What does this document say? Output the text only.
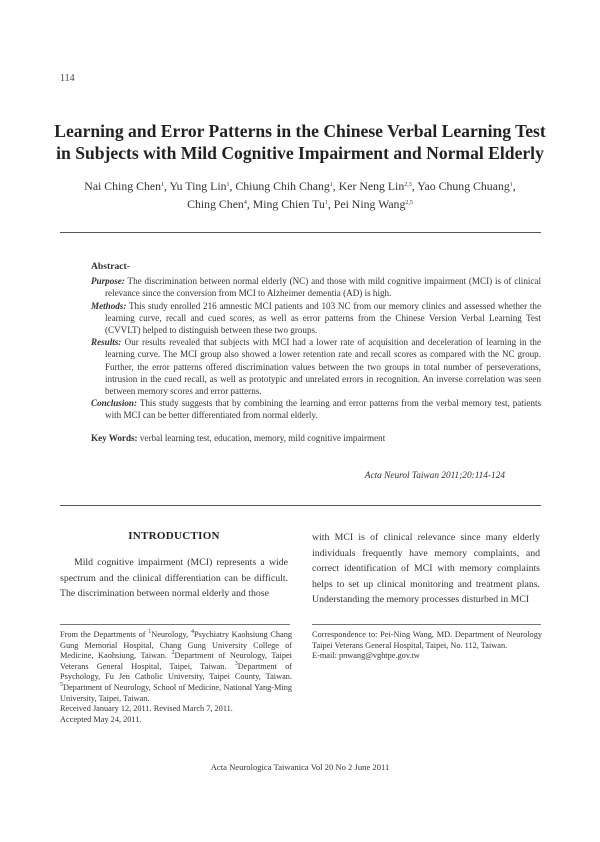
114
Learning and Error Patterns in the Chinese Verbal Learning Test
in Subjects with Mild Cognitive Impairment and Normal Elderly
Nai Ching Chen$^1$, Yu Ting Lin$^1$, Chiung Chih Chang$^1$, Ker Neng Lin$^{2,3}$, Yao Chung Chuang$^1$,
Ching Chen$^4$, Ming Chien Tu$^1$, Pei Ning Wang$^{2,5}$
Abstract-
Purpose: The discrimination between normal elderly (NC) and those with mild cognitive impairment (MCI) is of clinical relevance since the conversion from MCI to Alzheimer dementia (AD) is high.
Methods: This study enrolled 216 amnestic MCI patients and 103 NC from our memory clinics and assessed whether the learning curve, recall and cued scores, as well as error patterns from the Chinese Version Verbal Learning Test (CVVLT) helped to distinguish between these two groups.
Results: Our results revealed that subjects with MCI had a lower rate of acquisition and deceleration of learning in the learning curve. The MCI group also showed a lower retention rate and recall scores as compared with the NC group. Further, the error patterns offered discrimination values between the two groups in total number of perseverations, intrusion in the cued recall, as well as prototypic and unrelated errors in recognition. An inverse correlation was seen between memory scores and error patterns.
Conclusion: This study suggests that by combining the learning and error patterns from the verbal memory test, patients with MCI can be better differentiated from normal elderly.
Key Words: verbal learning test, education, memory, mild cognitive impairment
Acta Neurol Taiwan 2011;20:114-124
INTRODUCTION
Mild cognitive impairment (MCI) represents a wide spectrum and the clinical differentiation can be difficult. The discrimination between normal elderly and those
with MCI is of clinical relevance since many elderly individuals frequently have memory complaints, and correct identification of MCI with memory complaints helps to set up clinical monitoring and treatment plans. Understanding the memory processes disturbed in MCI
From the Departments of $^1$Neurology, $^4$Psychiatry Kaohsiung Chang Gung Memorial Hospital, Chang Gung University College of Medicine, Kaohsiung, Taiwan. $^2$Department of Neurology, Taipei Veterans General Hospital, Taipei, Taiwan. $^3$Department of Psychology, Fu Jen Catholic University, Taipei County, Taiwan. $^5$Department of Neurology, School of Medicine, National Yang-Ming University, Taipei, Taiwan.
Received January 12, 2011. Revised March 7, 2011.
Accepted May 24, 2011.
Correspondence to: Pei-Ning Wang, MD. Department of Neurology Taipei Veterans General Hospital, Taipei, No. 112, Taiwan.
E-mail: pnwang@vghtpe.gov.tw
Acta Neurologica Taiwanica Vol 20 No 2 June 2011
